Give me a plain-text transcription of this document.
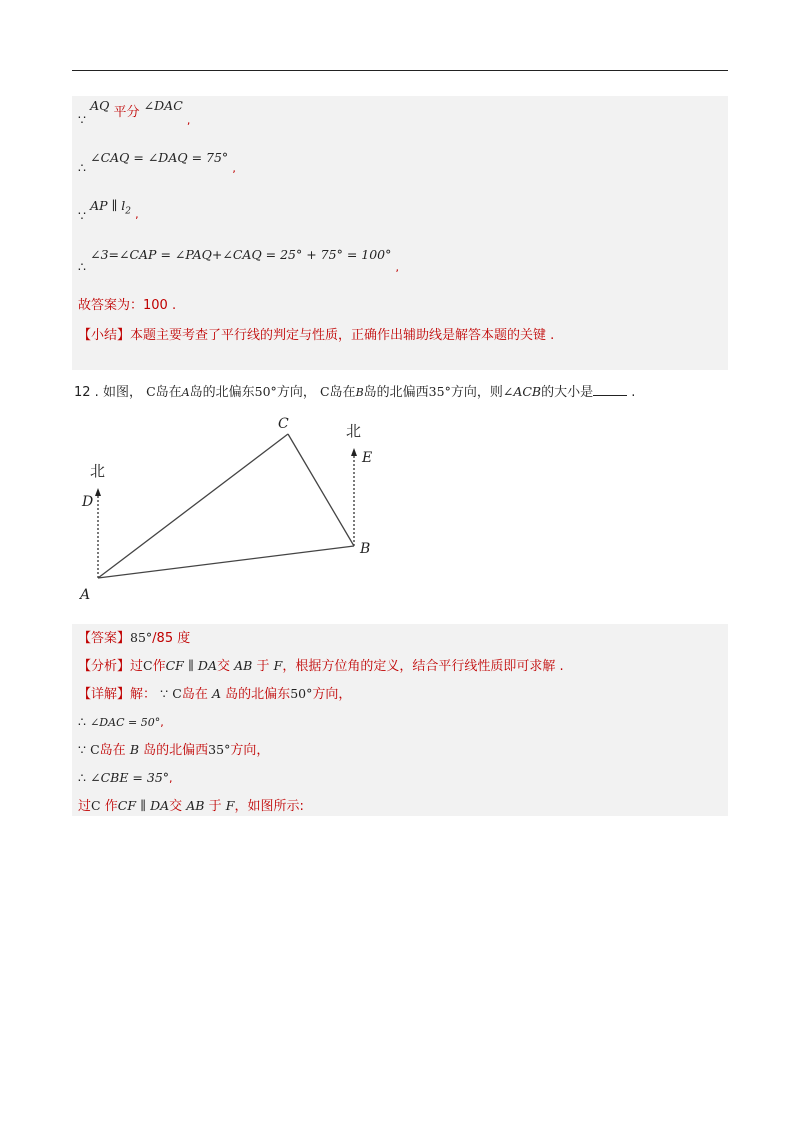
∵ AQ 平分 ∠DAC $_,$
∴ ∠CAQ = ∠DAQ = 75° $_,$
∵ AP ∥ $l_2$ $_,$
∴ ∠3=∠CAP = ∠PAQ+∠CAQ = 25° + 75° = 100° $_,$
故答案为：100 .
【小结】本题主要考查了平行线的判定与性质，正确作出辅助线是解答本题的关键 .
12 . 如图， C岛在A岛的北偏东50°方向， C岛在B岛的北偏西35°方向，则∠ACB的大小是	.
C
B
A
D
E
北
北
【答案】85°/85 度
【分析】过C作CF ∥ DA交 AB 于 F，根据方位角的定义，结合平行线性质即可求解 .
【详解】解： ∵ C岛在 A 岛的北偏东50°方向，
∴ ∠DAC = 50°,
∵ C岛在 B 岛的北偏西35°方向，
∴ ∠CBE = 35°,
过C 作CF ∥ DA交 AB 于 F，如图所示:
